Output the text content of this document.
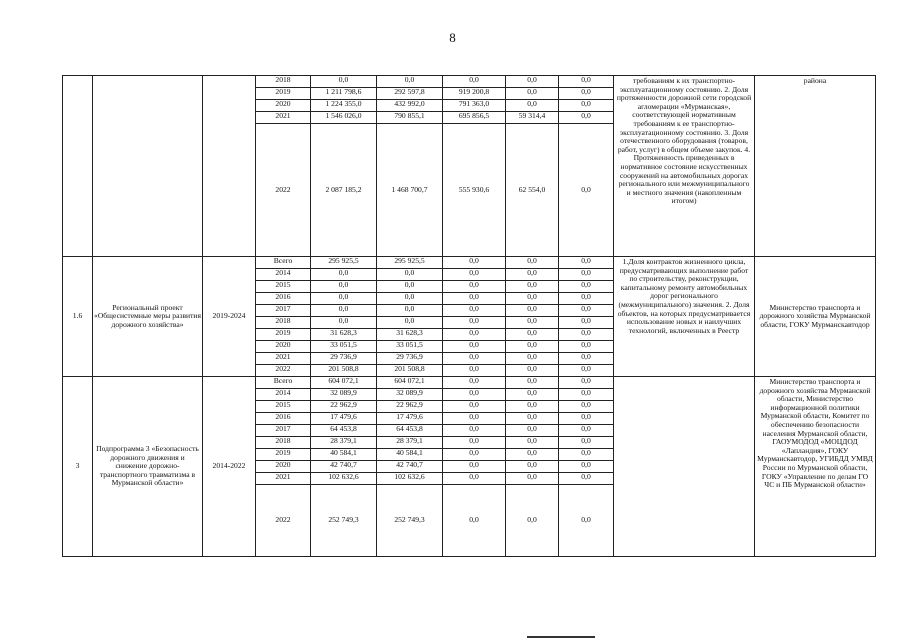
8
			2018	0,0	0,0	0,0	0,0	0,0	требованиям к их транспортно-эксплуатационному состоянию. 2. Доля протяженности дорожной сети городской агломерации «Мурманская», соответствующей нормативным требованиям к ее транспортно-эксплуатационному состоянию. 3. Доля отечественного оборудования (товаров, работ, услуг) в общем объеме закупок. 4. Протяженность приведенных в нормативное состояние искусственных сооружений на автомобильных дорогах регионального или межмуниципального и местного значения (накопленным итогом)	района
			2019	1 211 798,6	292 597,8	919 200,8	0,0	0,0		
			2020	1 224 355,0	432 992,0	791 363,0	0,0	0,0		
			2021	1 546 026,0	790 855,1	695 856,5	59 314,4	0,0		
			2022	2 087 185,2	1 468 700,7	555 930,6	62 554,0	0,0		
1.6	Региональный проект «Общесистемные меры развития дорожного хозяйства»	2019-2024	Всего	295 925,5	295 925,5	0,0	0,0	0,0	1.Доля контрактов жизненного цикла, предусматривающих выполнение работ по строительству, реконструкции, капитальному ремонту автомобильных дорог регионального (межмуниципального) значения. 2. Доля объектов, на которых предусматривается использование новых и наилучших технологий, включенных в Реестр	Министерство транспорта и дорожного хозяйства Мурманской области, ГОКУ Мурманскавтодор
			2014	0,0	0,0	0,0	0,0	0,0		
			2015	0,0	0,0	0,0	0,0	0,0		
			2016	0,0	0,0	0,0	0,0	0,0		
			2017	0,0	0,0	0,0	0,0	0,0		
			2018	0,0	0,0	0,0	0,0	0,0		
			2019	31 628,3	31 628,3	0,0	0,0	0,0		
			2020	33 051,5	33 051,5	0,0	0,0	0,0		
			2021	29 736,9	29 736,9	0,0	0,0	0,0		
			2022	201 508,8	201 508,8	0,0	0,0	0,0		
3	Подпрограмма 3 «Безопасность дорожного движения и снижение дорожно-транспортного травматизма в Мурманской области»	2014-2022	Всего	604 072,1	604 072,1	0,0	0,0	0,0		Министерство транспорта и дорожного хозяйства Мурманской области, Министерство информационной политики Мурманской области, Комитет по обеспечению безопасности населения Мурманской области, ГАОУМОДОД «МОЦДОД «Лапландия», ГОКУ Мурманскавтодор, УГИБДД УМВД России по Мурманской области, ГОКУ «Управление по делам ГО ЧС и ПБ Мурманской области»
			2014	32 089,9	32 089,9	0,0	0,0	0,0		
			2015	22 962,9	22 962,9	0,0	0,0	0,0		
			2016	17 479,6	17 479,6	0,0	0,0	0,0		
			2017	64 453,8	64 453,8	0,0	0,0	0,0		
			2018	28 379,1	28 379,1	0,0	0,0	0,0		
			2019	40 584,1	40 584,1	0,0	0,0	0,0		
			2020	42 740,7	42 740,7	0,0	0,0	0,0		
			2021	102 632,6	102 632,6	0,0	0,0	0,0		
			2022	252 749,3	252 749,3	0,0	0,0	0,0		
